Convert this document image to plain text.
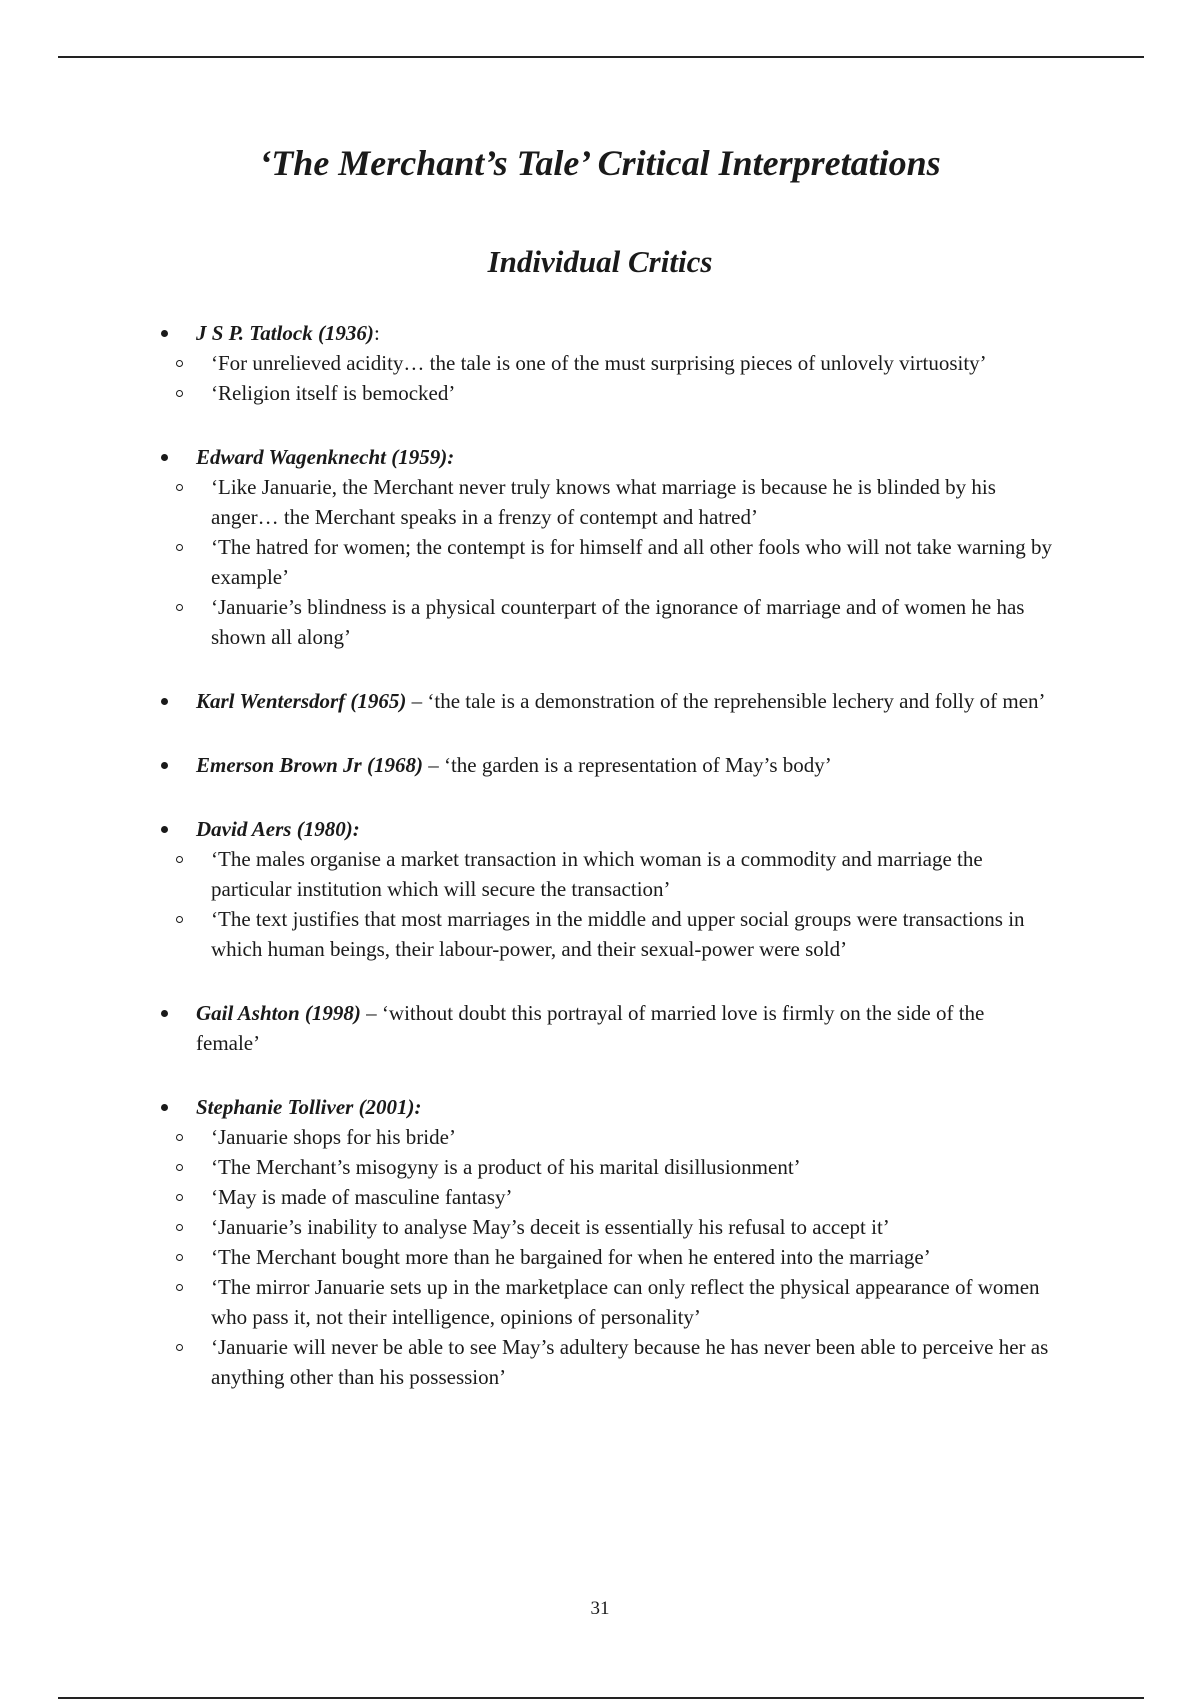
‘The Merchant’s Tale’ Critical Interpretations
Individual Critics
J S P. Tatlock (1936):
‘For unrelieved acidity… the tale is one of the must surprising pieces of unlovely virtuosity’
‘Religion itself is bemocked’
Edward Wagenknecht (1959):
‘Like Januarie, the Merchant never truly knows what marriage is because he is blinded by his anger… the Merchant speaks in a frenzy of contempt and hatred’
‘The hatred for women; the contempt is for himself and all other fools who will not take warning by example’
‘Januarie’s blindness is a physical counterpart of the ignorance of marriage and of women he has shown all along’
Karl Wentersdorf (1965) – ‘the tale is a demonstration of the reprehensible lechery and folly of men’
Emerson Brown Jr (1968) – ‘the garden is a representation of May’s body’
David Aers (1980):
‘The males organise a market transaction in which woman is a commodity and marriage the particular institution which will secure the transaction’
‘The text justifies that most marriages in the middle and upper social groups were transactions in which human beings, their labour-power, and their sexual-power were sold’
Gail Ashton (1998) – ‘without doubt this portrayal of married love is firmly on the side of the female’
Stephanie Tolliver (2001):
‘Januarie shops for his bride’
‘The Merchant’s misogyny is a product of his marital disillusionment’
‘May is made of masculine fantasy’
‘Januarie’s inability to analyse May’s deceit is essentially his refusal to accept it’
‘The Merchant bought more than he bargained for when he entered into the marriage’
‘The mirror Januarie sets up in the marketplace can only reflect the physical appearance of women who pass it, not their intelligence, opinions of personality’
‘Januarie will never be able to see May’s adultery because he has never been able to perceive her as anything other than his possession’
31
